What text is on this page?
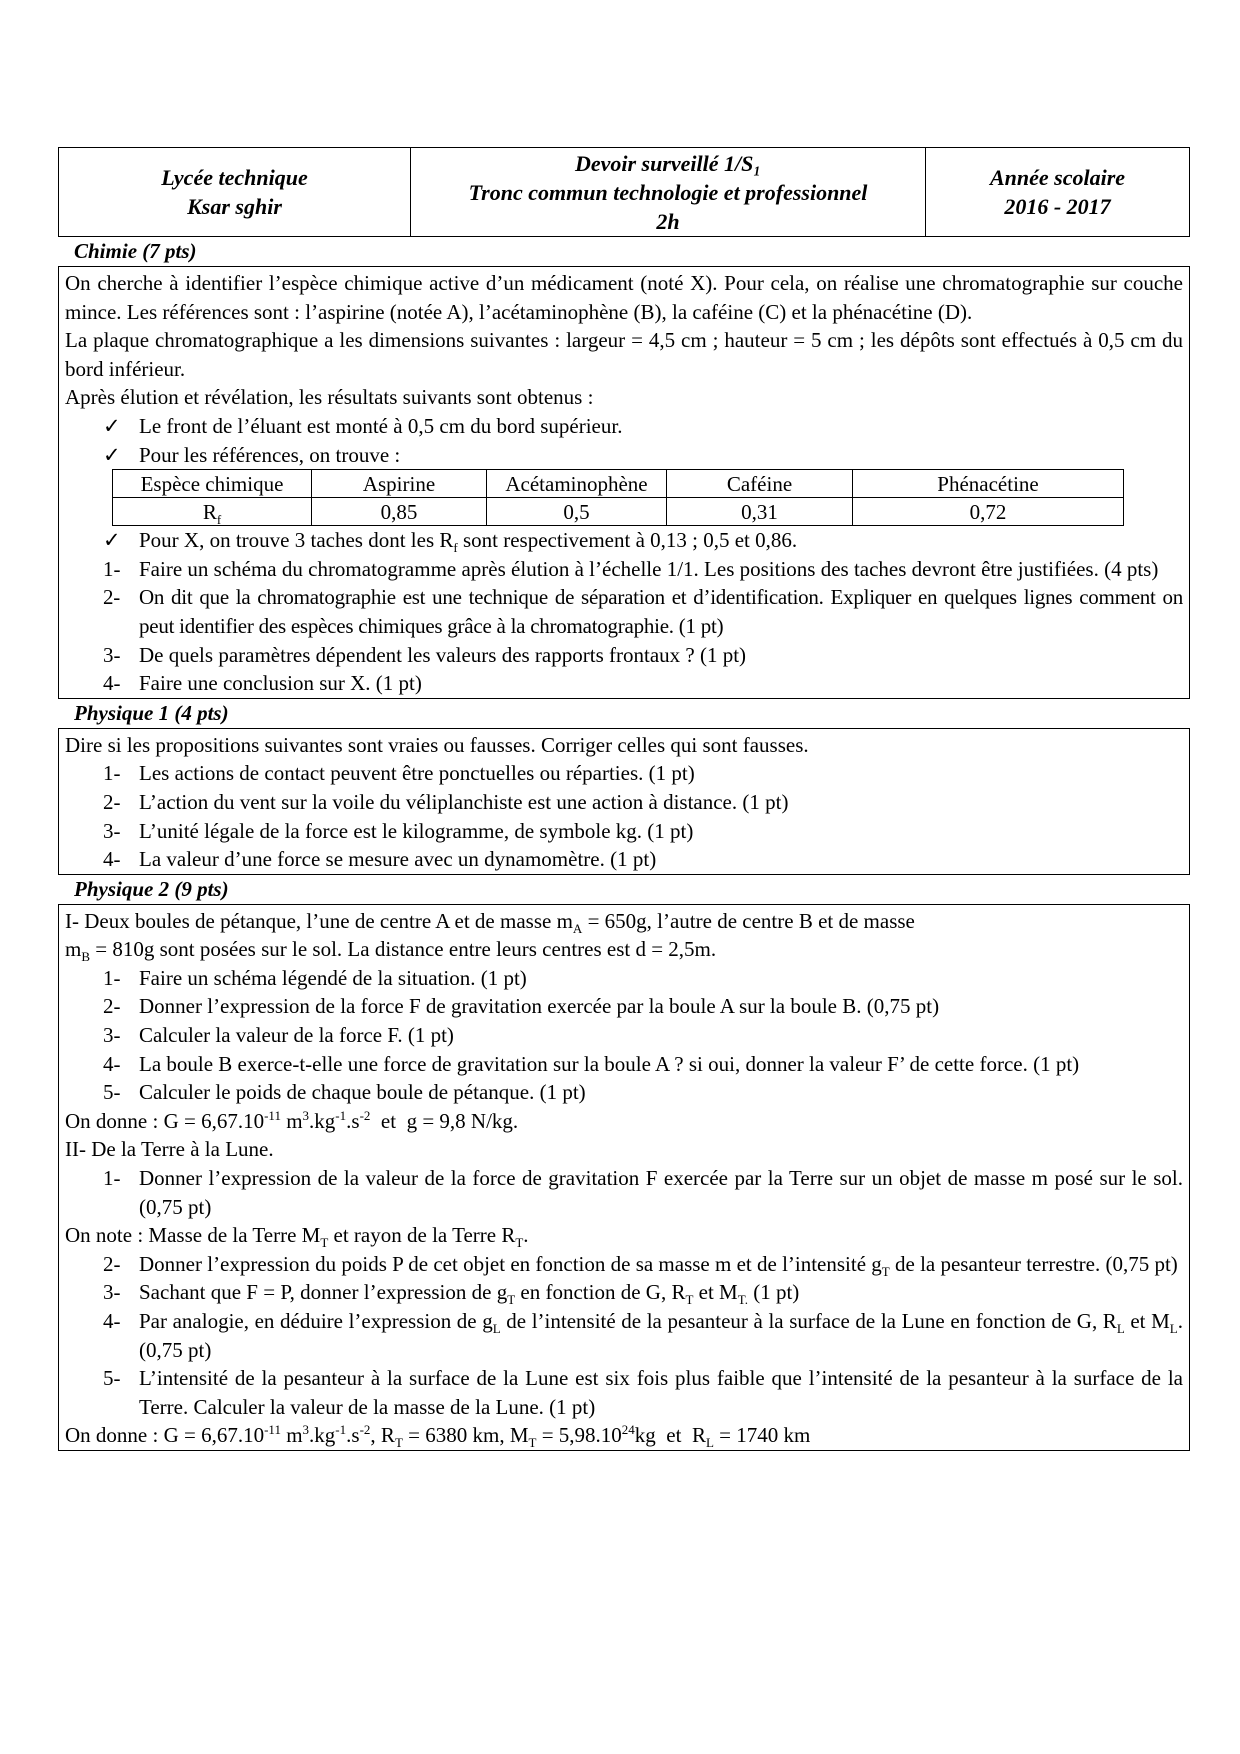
Lycée technique
Ksar sghir

Devoir surveillé 1/S₁
Tronc commun technologie et professionnel
2h

Année scolaire
2016 - 2017
Chimie (7 pts)

On cherche à identifier l’espèce chimique active d’un médicament (noté X). Pour cela, on réalise une chromatographie sur couche mince. Les références sont : l’aspirine (notée A), l’acétaminophène (B), la caféine (C) et la phénacétine (D).

La plaque chromatographique a les dimensions suivantes : largeur = 4,5 cm ; hauteur = 5 cm ; les dépôts sont effectués à 0,5 cm du bord inférieur.

Après élution et révélation, les résultats suivants sont obtenus :

✓ Le front de l’éluant est monté à 0,5 cm du bord supérieur.
✓ Pour les références, on trouve :
Espèce chimique	Aspirine	Acétaminophène	Caféine	Phénacétine
$R_f$	0,85	0,5	0,31	0,72
✓ Pour X, on trouve 3 taches dont les $R_f$ sont respectivement à 0,13 ; 0,5 et 0,86.
1- Faire un schéma du chromatogramme après élution à l’échelle 1/1. Les positions des taches devront être justifiées. (4 pts)
2- On dit que la chromatographie est une technique de séparation et d’identification. Expliquer en quelques lignes comment on peut identifier des espèces chimiques grâce à la chromatographie. (1 pt)
3- De quels paramètres dépendent les valeurs des rapports frontaux ? (1 pt)
4- Faire une conclusion sur X. (1 pt)
Physique 1 (4 pts)

Dire si les propositions suivantes sont vraies ou fausses. Corriger celles qui sont fausses.

1- Les actions de contact peuvent être ponctuelles ou réparties. (1 pt)
2- L’action du vent sur la voile du véliplanchiste est une action à distance. (1 pt)
3- L’unité légale de la force est le kilogramme, de symbole kg. (1 pt)
4- La valeur d’une force se mesure avec un dynamomètre. (1 pt)
Physique 2 (9 pts)

I- Deux boules de pétanque, l’une de centre A et de masse $m_A = 650g$, l’autre de centre B et de masse

$m_B = 810g$ sont posées sur le sol. La distance entre leurs centres est d = 2,5m.

1- Faire un schéma légendé de la situation. (1 pt)
2- Donner l’expression de la force F de gravitation exercée par la boule A sur la boule B. (0,75 pt)
3- Calculer la valeur de la force F. (1 pt)
4- La boule B exerce-t-elle une force de gravitation sur la boule A ? si oui, donner la valeur F’ de cette force. (1 pt)
5- Calculer le poids de chaque boule de pétanque. (1 pt)

On donne : $G = 6,67.10^{-11}$ $m^3.kg^{-1}.s^{-2}$  et  g = 9,8 N/kg.

II- De la Terre à la Lune.

1- Donner l’expression de la valeur de la force de gravitation F exercée par la Terre sur un objet de masse m posé sur le sol. (0,75 pt)

On note : Masse de la Terre $M_T$ et rayon de la Terre $R_T$.

2- Donner l’expression du poids P de cet objet en fonction de sa masse m et de l’intensité $g_T$ de la pesanteur terrestre. (0,75 pt)
3- Sachant que F = P, donner l’expression de $g_T$ en fonction de G, $R_T$ et $M_{T.}$ (1 pt)
4- Par analogie, en déduire l’expression de $g_L$ de l’intensité de la pesanteur à la surface de la Lune en fonction de G, $R_L$ et $M_L$. (0,75 pt)
5- L’intensité de la pesanteur à la surface de la Lune est six fois plus faible que l’intensité de la pesanteur à la surface de la Terre. Calculer la valeur de la masse de la Lune. (1 pt)

On donne : $G = 6,67.10^{-11}$ $m^3.kg^{-1}.s^{-2}$, $R_T = 6380$ km, $M_T = 5,98.10^{24}kg$  et  $R_L = 1740$ km
